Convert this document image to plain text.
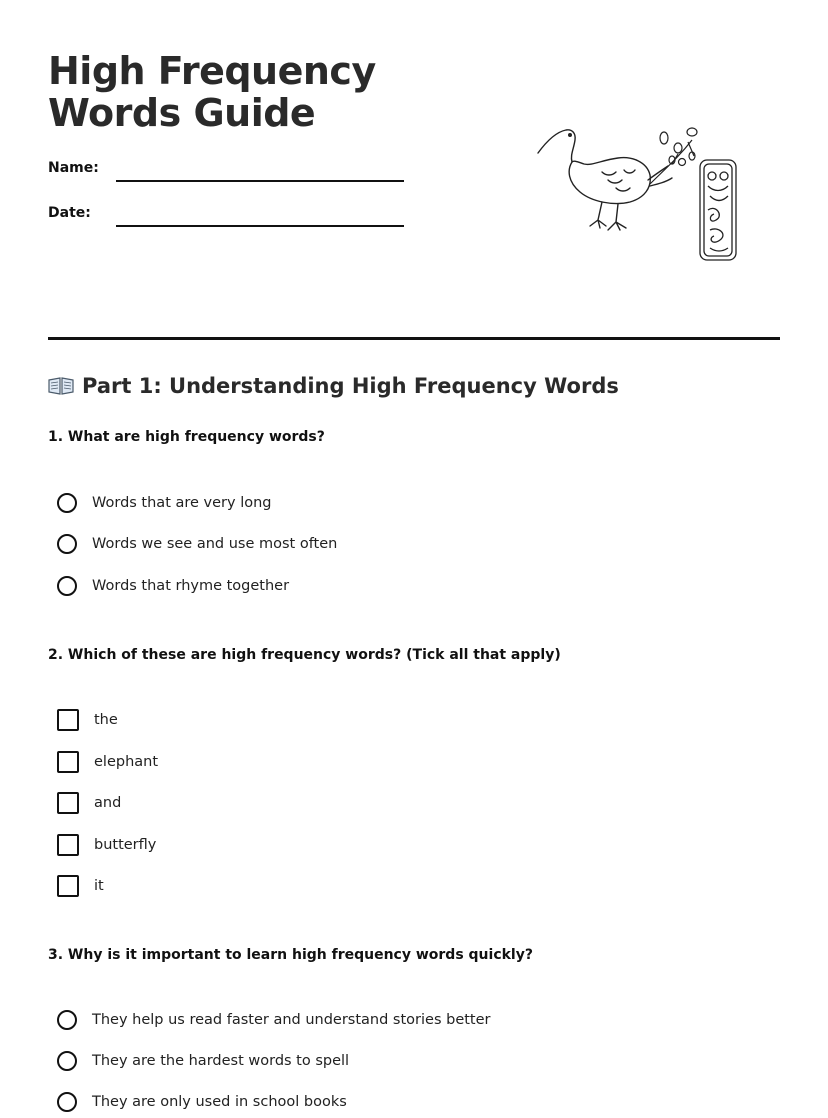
High Frequency Words Guide
Name:
Date:
Part 1: Understanding High Frequency Words

1. What are high frequency words?

Words that are very long
Words we see and use most often
Words that rhyme together

2. Which of these are high frequency words? (Tick all that apply)

the
elephant
and
butterfly
it

3. Why is it important to learn high frequency words quickly?

They help us read faster and understand stories better
They are the hardest words to spell
They are only used in school books
